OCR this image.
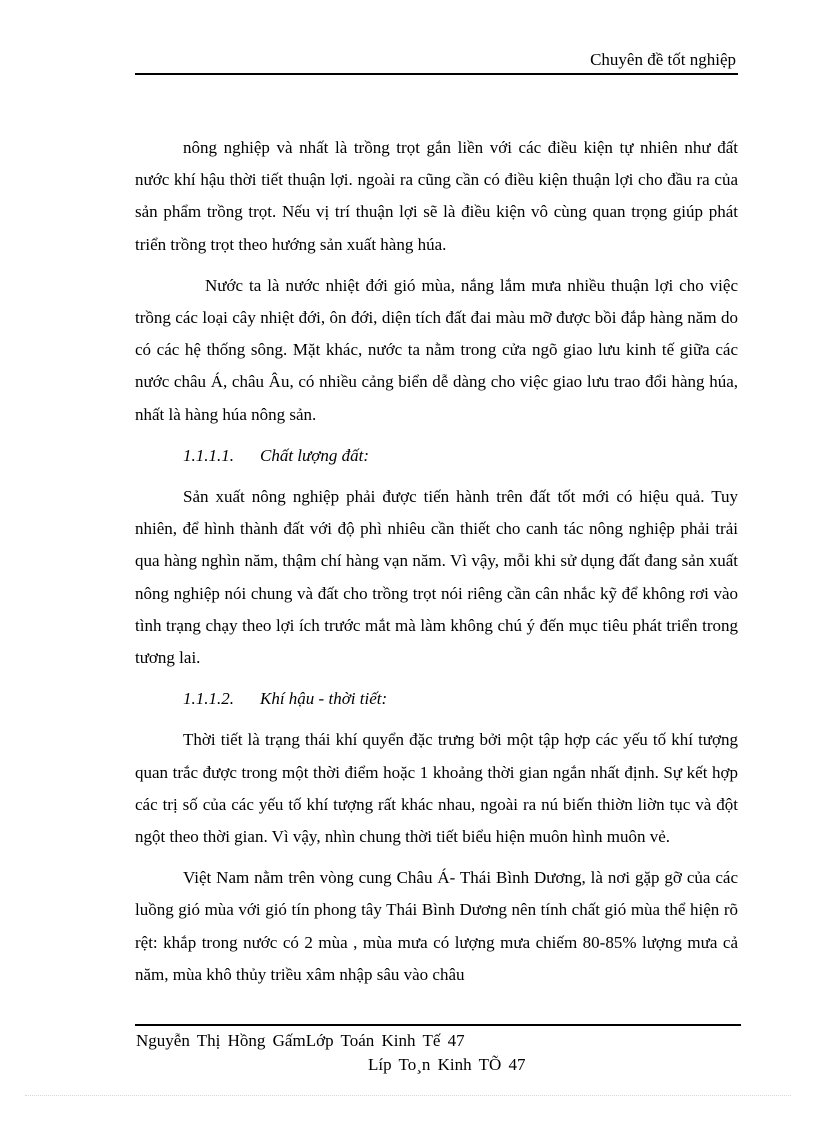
Chuyên đề tốt nghiệp

nông nghiệp và nhất là trồng trọt gắn liền với các điều kiện tự nhiên như đất nước khí hậu thời tiết thuận lợi. ngoài ra cũng cần có điều kiện thuận lợi cho đầu ra của sản phẩm trồng trọt. Nếu vị trí thuận lợi sẽ là điều kiện vô cùng quan trọng giúp phát triển trồng trọt theo hướng sản xuất hàng húa.

Nước ta là nước nhiệt đới gió mùa, nắng lắm mưa nhiều thuận lợi cho việc trồng các loại cây nhiệt đới, ôn đới, diện tích đất đai màu mỡ được bồi đắp hàng năm do có các hệ thống sông. Mặt khác, nước ta nằm trong cửa ngõ giao lưu kinh tế giữa các nước châu Á, châu Âu, có nhiều cảng biển dễ dàng cho việc giao lưu trao đổi hàng húa, nhất là hàng húa nông sản.

1.1.1.1. Chất lượng đất:

Sản xuất nông nghiệp phải được tiến hành trên đất tốt mới có hiệu quả. Tuy nhiên, để hình thành đất với độ phì nhiêu cần thiết cho canh tác nông nghiệp phải trải qua hàng nghìn năm, thậm chí hàng vạn năm. Vì vậy, mỗi khi sử dụng đất đang sản xuất nông nghiệp nói chung và đất cho trồng trọt nói riêng cần cân nhắc kỹ để không rơi vào tình trạng chạy theo lợi ích trước mắt mà làm không chú ý đến mục tiêu phát triển trong tương lai.

1.1.1.2. Khí hậu - thời tiết:

Thời tiết là trạng thái khí quyển đặc trưng bởi một tập hợp các yếu tố khí tượng quan trắc được trong một thời điểm hoặc 1 khoảng thời gian ngắn nhất định. Sự kết hợp các trị số của các yếu tố khí tượng rất khác nhau, ngoài ra nú biến thiờn liờn tục và đột ngột theo thời gian. Vì vậy, nhìn chung thời tiết biểu hiện muôn hình muôn vẻ.

Việt Nam nằm trên vòng cung Châu Á- Thái Bình Dương, là nơi gặp gỡ của các luồng gió mùa với gió tín phong tây Thái Bình Dương nên tính chất gió mùa thể hiện rõ rệt: khắp trong nước có 2 mùa , mùa mưa có lượng mưa chiếm 80-85% lượng mưa cả năm, mùa khô thủy triều xâm nhập sâu vào châu

Nguyễn Thị Hồng GấmLớp Toán Kinh Tế 47
Líp To¸n Kinh TÕ 47
